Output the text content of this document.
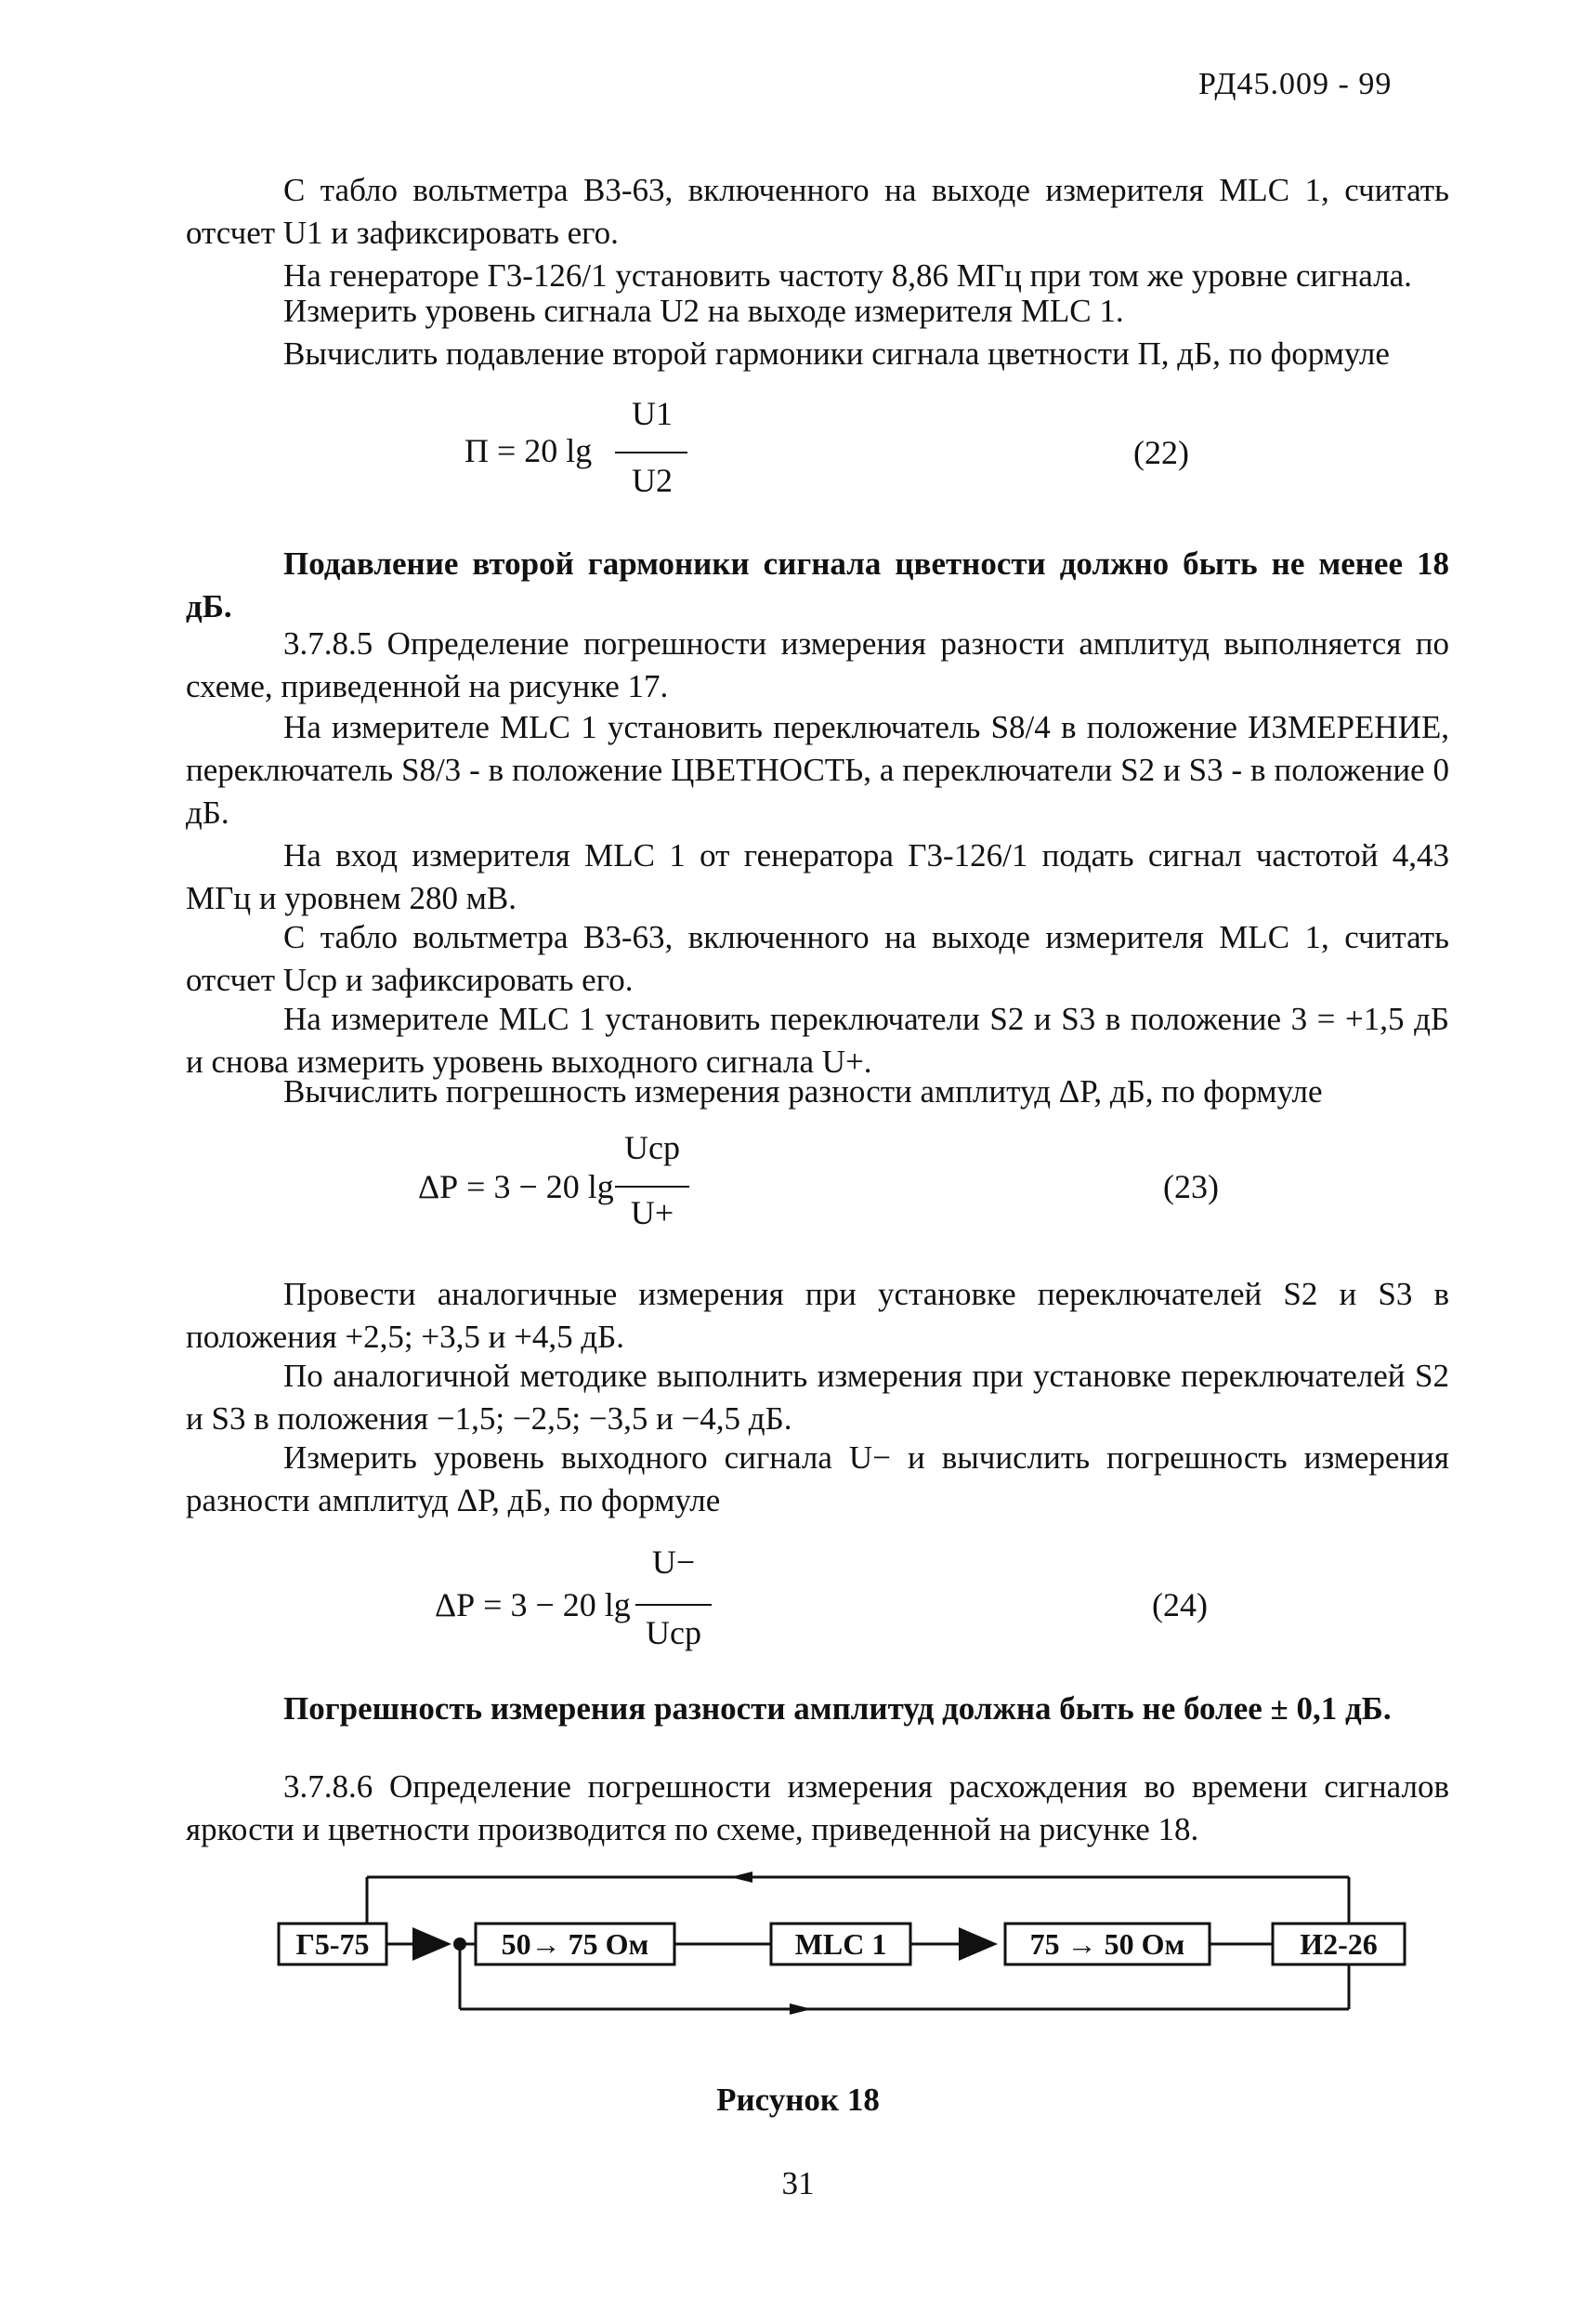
РД45.009 - 99
С табло вольтметра В3-63, включенного на выходе измерителя MLC 1, считать отсчет U1 и зафиксировать его.
На генераторе Г3-126/1 установить частоту 8,86 МГц при том же уровне сигнала.
Измерить уровень сигнала U2 на выходе измерителя MLC 1.
Вычислить подавление второй гармоники сигнала цветности П, дБ, по формуле
П = 20 lg
U1
U2
(22)
Подавление второй гармоники сигнала цветности должно быть не менее 18 дБ.
3.7.8.5 Определение погрешности измерения разности амплитуд выполняется по схеме, приведенной на рисунке 17.
На измерителе MLC 1 установить переключатель S8/4 в положение ИЗМЕРЕНИЕ, переключатель S8/3 - в положение ЦВЕТНОСТЬ, а переключатели S2 и S3 - в положение 0 дБ.
На вход измерителя MLC 1 от генератора Г3-126/1 подать сигнал частотой 4,43 МГц и уровнем 280 мВ.
С табло вольтметра В3-63, включенного на выходе измерителя MLC 1, считать отсчет Uср и зафиксировать его.
На измерителе MLC 1 установить переключатели S2 и S3 в положение 3 = +1,5 дБ и снова измерить уровень выходного сигнала U+.
Вычислить погрешность измерения разности амплитуд ΔР, дБ, по формуле
ΔР = 3 − 20 lg
Uср
U+
(23)
Провести аналогичные измерения при установке переключателей S2 и S3 в положения +2,5; +3,5 и +4,5 дБ.
По аналогичной методике выполнить измерения при установке переключателей S2 и S3 в положения −1,5; −2,5; −3,5 и −4,5 дБ.
Измерить уровень выходного сигнала U− и вычислить погрешность измерения разности амплитуд ΔР, дБ, по формуле
ΔР = 3 − 20 lg
U−
Uср
(24)
Погрешность измерения разности амплитуд должна быть не более ± 0,1 дБ.
3.7.8.6 Определение погрешности измерения расхождения во времени сигналов яркости и цветности производится по схеме, приведенной на рисунке 18.
Г5-75	50→ 75 Ом	MLC 1	75 → 50 Ом	И2-26
Рисунок 18
31
